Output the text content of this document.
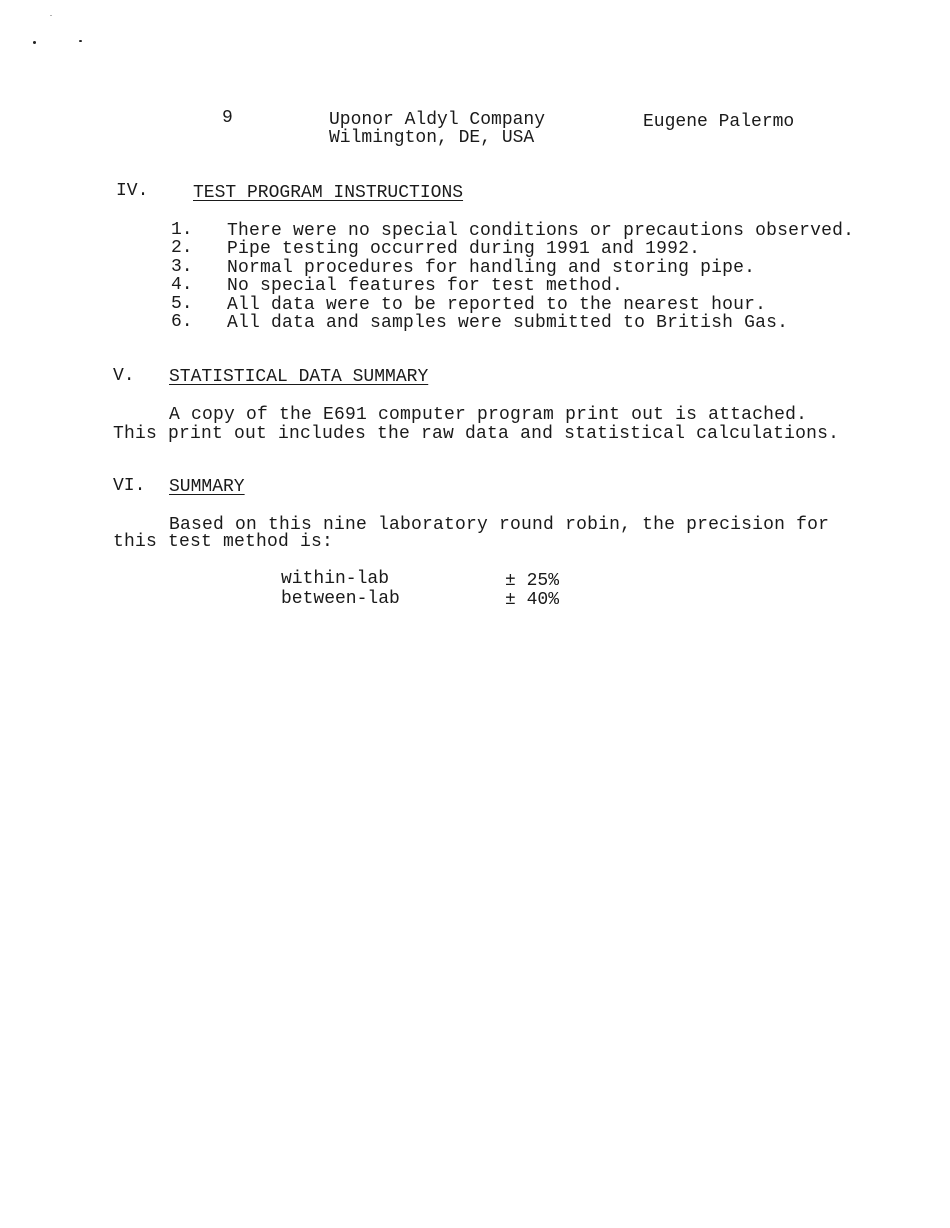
9	Uponor Aldyl Company
Wilmington, DE, USA
Eugene Palermo
IV. TEST PROGRAM INSTRUCTIONS
1. There were no special conditions or precautions observed.
2. Pipe testing occurred during 1991 and 1992.
3. Normal procedures for handling and storing pipe.
4. No special features for test method.
5. All data were to be reported to the nearest hour.
6. All data and samples were submitted to British Gas.
V. STATISTICAL DATA SUMMARY
A copy of the E691 computer program print out is attached.
This print out includes the raw data and statistical calculations.
VI. SUMMARY
Based on this nine laboratory round robin, the precision for
this test method is:
within-lab	± 25%
between-lab	± 40%
